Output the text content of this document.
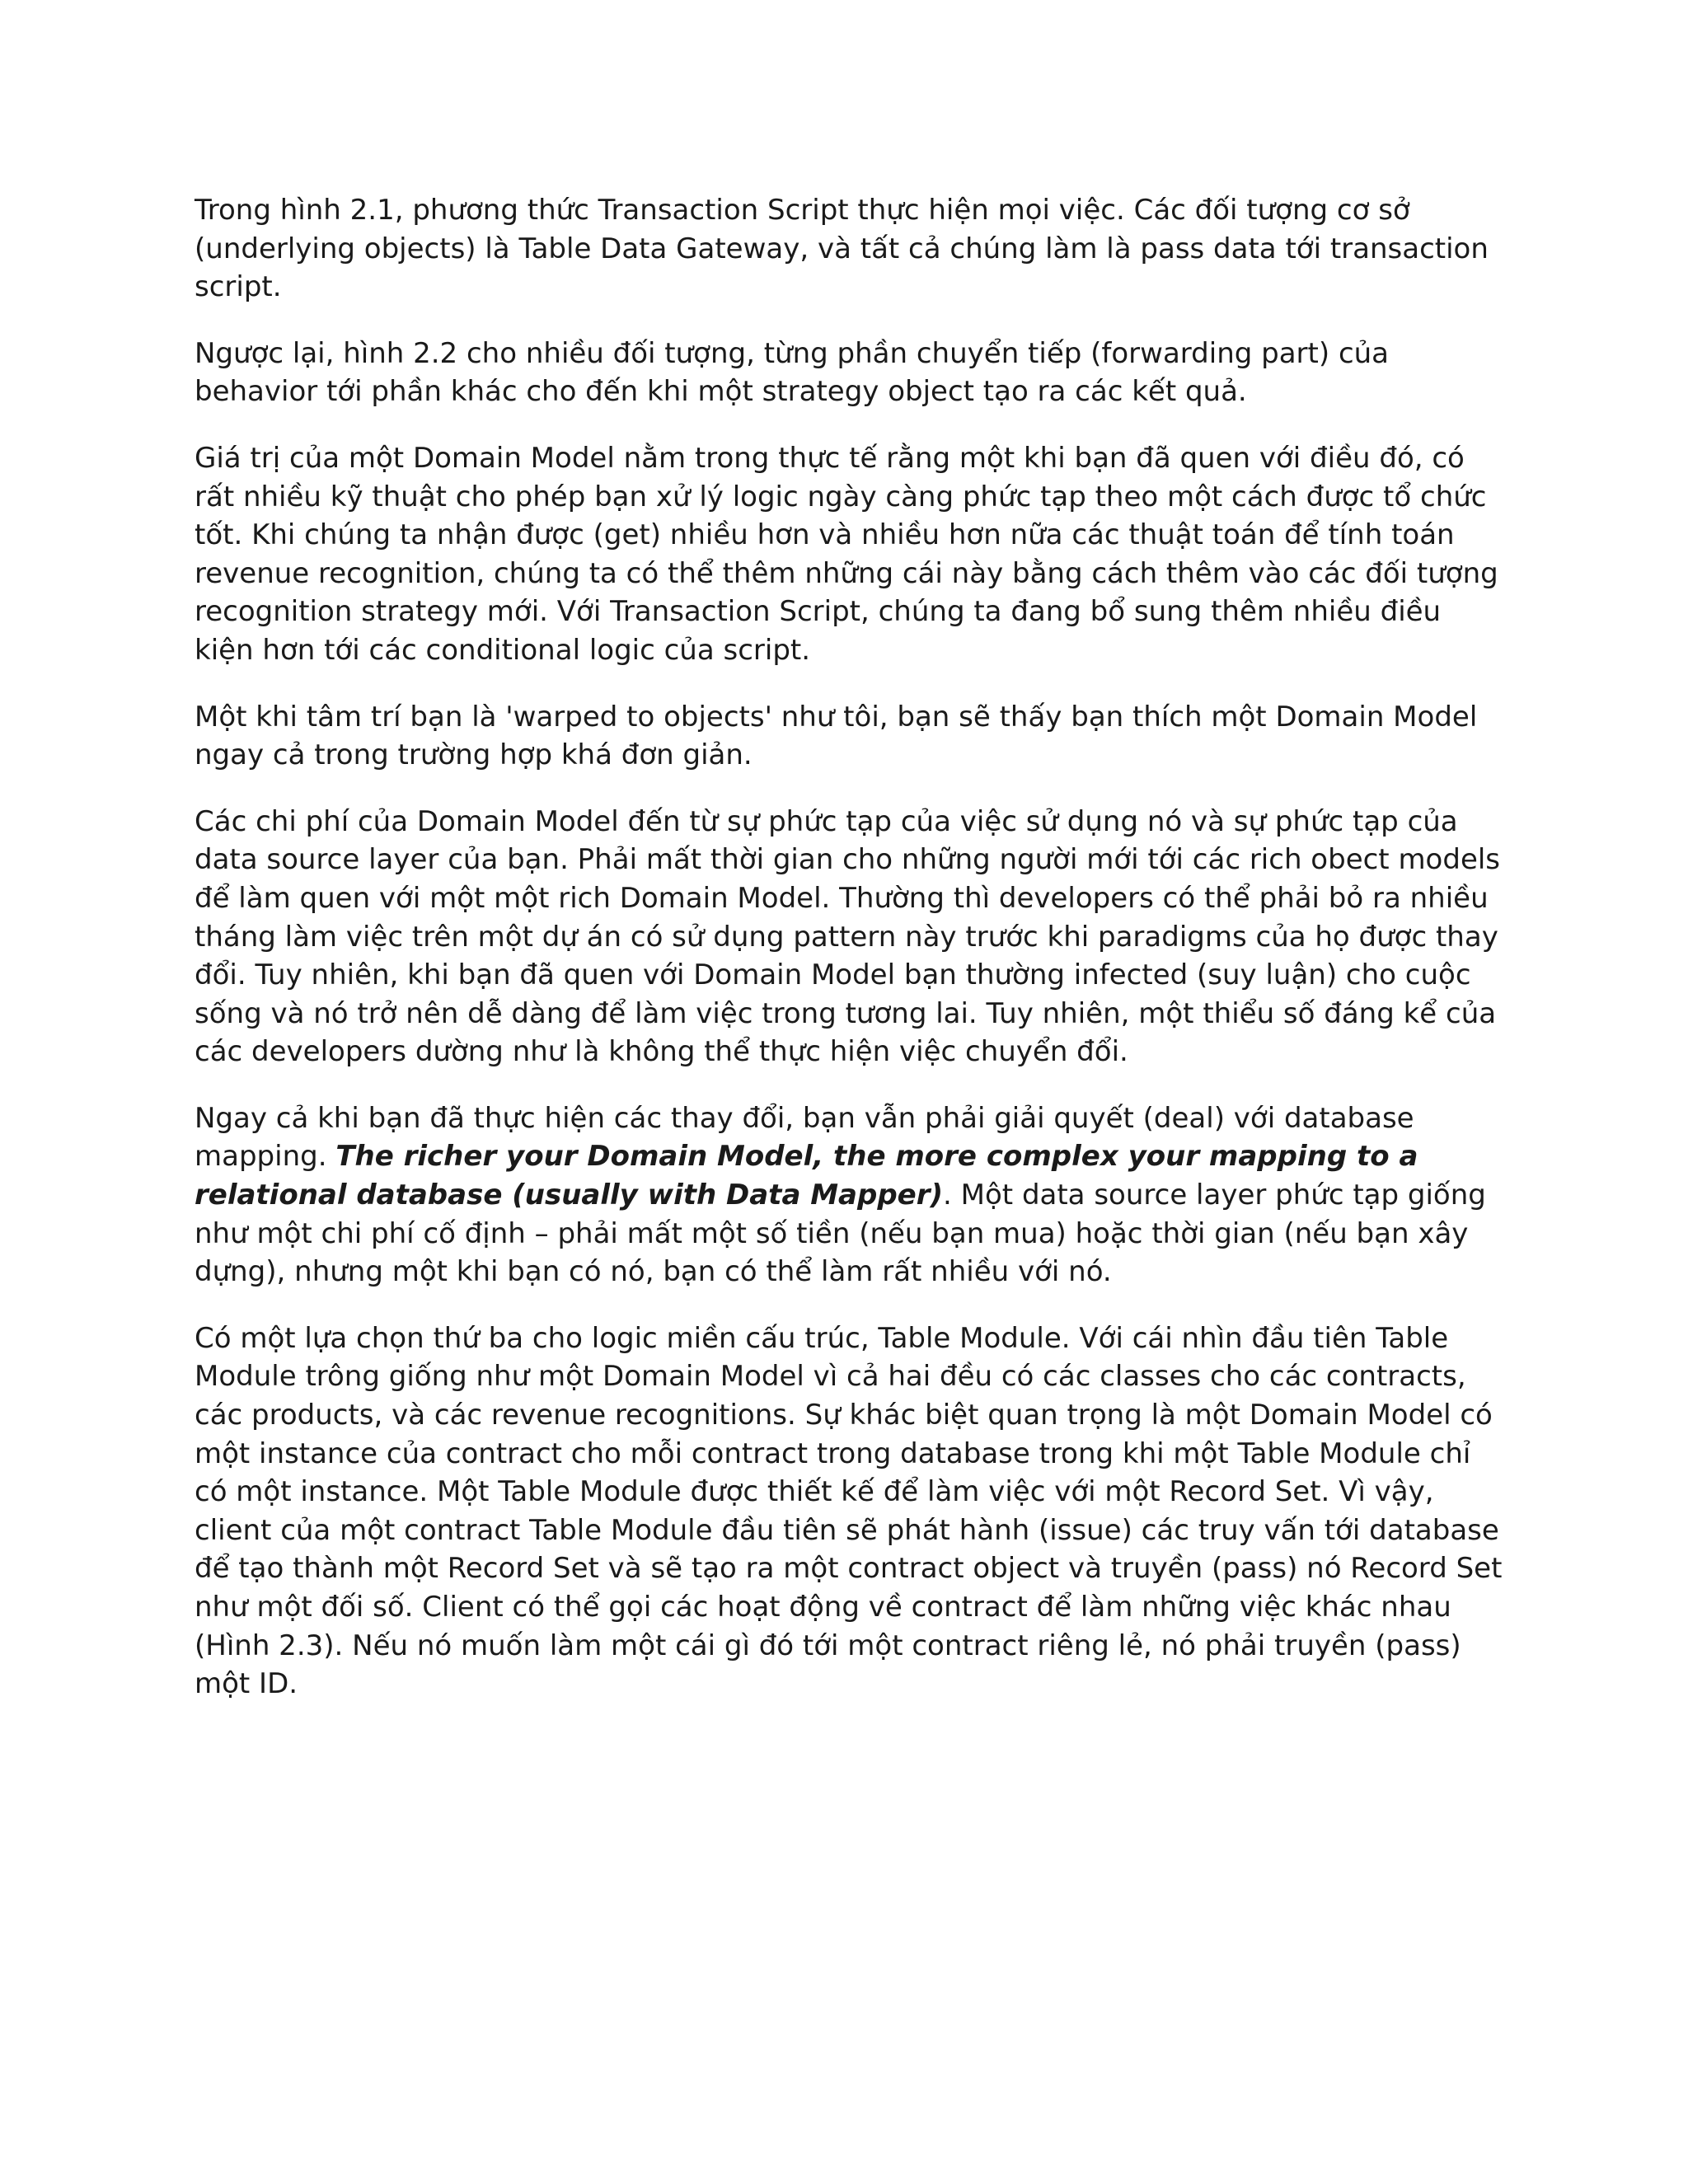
Trong hình 2.1, phương thức Transaction Script thực hiện mọi việc. Các đối tượng cơ sở (underlying objects) là Table Data Gateway, và tất cả chúng làm là pass data tới transaction script.

Ngược lại, hình 2.2 cho nhiều đối tượng, từng phần chuyển tiếp (forwarding part) của behavior tới phần khác cho đến khi một strategy object tạo ra các kết quả.

Giá trị của một Domain Model nằm trong thực tế rằng một khi bạn đã quen với điều đó, có rất nhiều kỹ thuật cho phép bạn xử lý logic ngày càng phức tạp theo một cách được tổ chức tốt. Khi chúng ta nhận được (get) nhiều hơn và nhiều hơn nữa các thuật toán để tính toán revenue recognition, chúng ta có thể thêm những cái này bằng cách thêm vào các đối tượng recognition strategy mới. Với Transaction Script, chúng ta đang bổ sung thêm nhiều điều kiện hơn tới các conditional logic của script.

Một khi tâm trí bạn là 'warped to objects' như tôi, bạn sẽ thấy bạn thích một Domain Model ngay cả trong trường hợp khá đơn giản.

Các chi phí của Domain Model đến từ sự phức tạp của việc sử dụng nó và sự phức tạp của data source layer của bạn. Phải mất thời gian cho những người mới tới các rich obect models để làm quen với một một rich Domain Model. Thường thì developers có thể phải bỏ ra nhiều tháng làm việc trên một dự án có sử dụng pattern này trước khi paradigms của họ được thay đổi. Tuy nhiên, khi bạn đã quen với Domain Model bạn thường infected (suy luận) cho cuộc sống và nó trở nên dễ dàng để làm việc trong tương lai. Tuy nhiên, một thiểu số đáng kể của các developers dường như là không thể thực hiện việc chuyển đổi.

Ngay cả khi bạn đã thực hiện các thay đổi, bạn vẫn phải giải quyết (deal) với database mapping. The richer your Domain Model, the more complex your mapping to a relational database (usually with Data Mapper). Một data source layer phức tạp giống như một chi phí cố định – phải mất một số tiền (nếu bạn mua) hoặc thời gian (nếu bạn xây dựng), nhưng một khi bạn có nó, bạn có thể làm rất nhiều với nó.

Có một lựa chọn thứ ba cho logic miền cấu trúc, Table Module. Với cái nhìn đầu tiên Table Module trông giống như một Domain Model vì cả hai đều có các classes cho các contracts, các products, và các revenue recognitions. Sự khác biệt quan trọng là một Domain Model có một instance của contract cho mỗi contract trong database trong khi một Table Module chỉ có một instance. Một Table Module được thiết kế để làm việc với một Record Set. Vì vậy, client của một contract Table Module đầu tiên sẽ phát hành (issue) các truy vấn tới database để tạo thành một Record Set và sẽ tạo ra một contract object và truyền (pass) nó Record Set như một đối số. Client có thể gọi các hoạt động về contract để làm những việc khác nhau (Hình 2.3). Nếu nó muốn làm một cái gì đó tới một contract riêng lẻ, nó phải truyền (pass) một ID.
